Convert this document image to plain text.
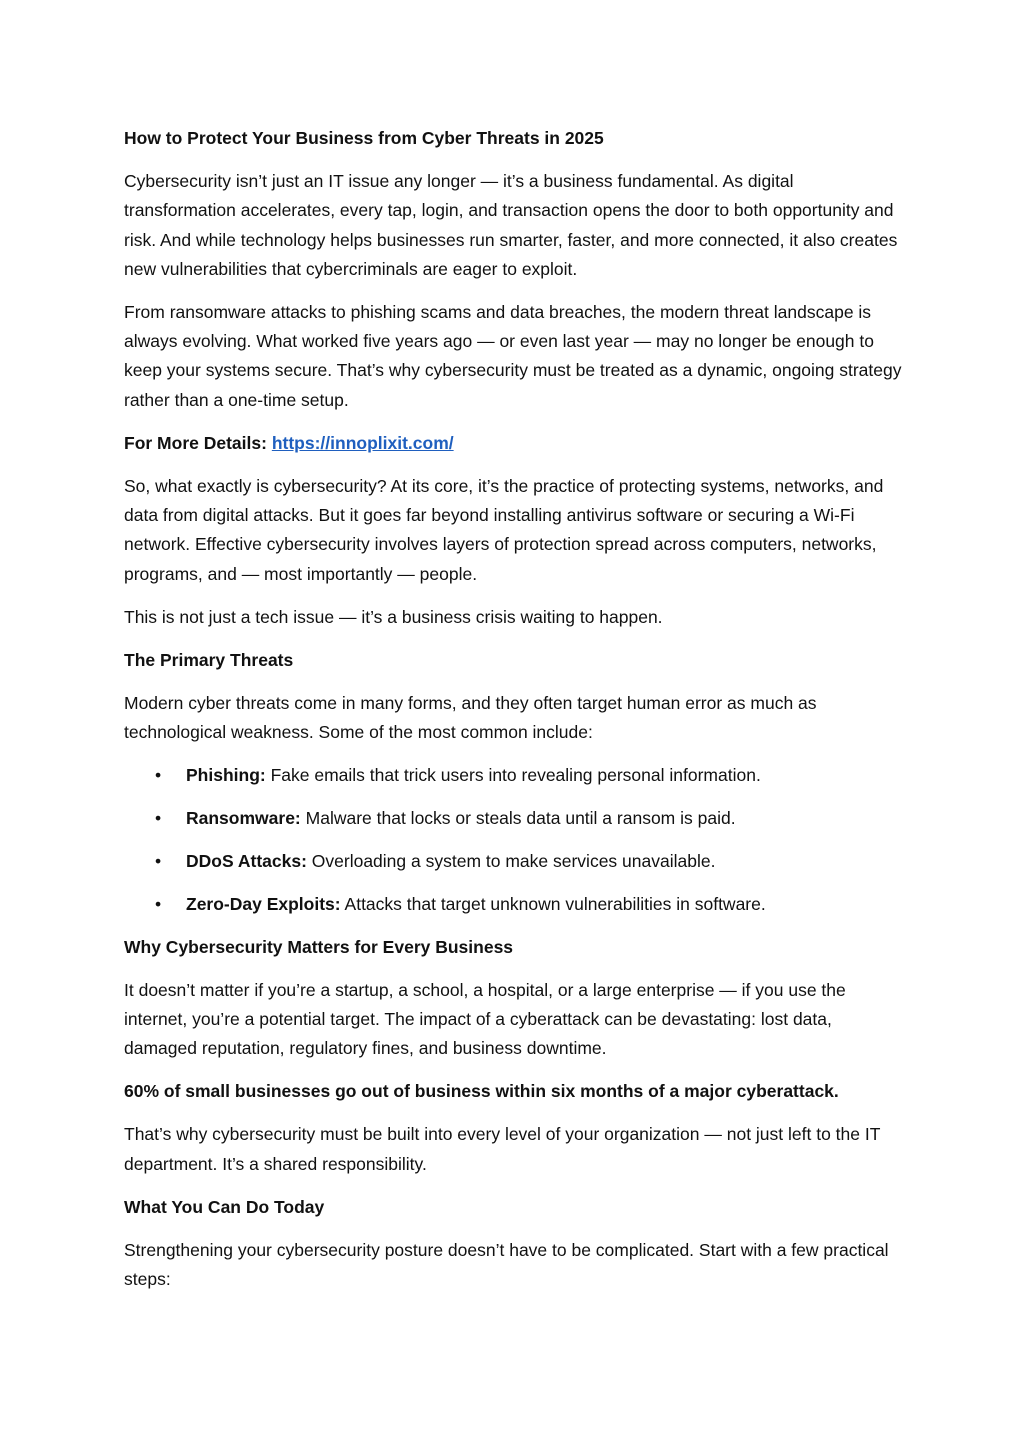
How to Protect Your Business from Cyber Threats in 2025

Cybersecurity isn’t just an IT issue any longer — it’s a business fundamental. As digital transformation accelerates, every tap, login, and transaction opens the door to both opportunity and risk. And while technology helps businesses run smarter, faster, and more connected, it also creates new vulnerabilities that cybercriminals are eager to exploit.

From ransomware attacks to phishing scams and data breaches, the modern threat landscape is always evolving. What worked five years ago — or even last year — may no longer be enough to keep your systems secure. That’s why cybersecurity must be treated as a dynamic, ongoing strategy rather than a one-time setup.

For More Details: https://innoplixit.com/

So, what exactly is cybersecurity? At its core, it’s the practice of protecting systems, networks, and data from digital attacks. But it goes far beyond installing antivirus software or securing a Wi-Fi network. Effective cybersecurity involves layers of protection spread across computers, networks, programs, and — most importantly — people.

This is not just a tech issue — it’s a business crisis waiting to happen.

The Primary Threats

Modern cyber threats come in many forms, and they often target human error as much as technological weakness. Some of the most common include:

• Phishing: Fake emails that trick users into revealing personal information.
• Ransomware: Malware that locks or steals data until a ransom is paid.
• DDoS Attacks: Overloading a system to make services unavailable.
• Zero-Day Exploits: Attacks that target unknown vulnerabilities in software.

Why Cybersecurity Matters for Every Business

It doesn’t matter if you’re a startup, a school, a hospital, or a large enterprise — if you use the internet, you’re a potential target. The impact of a cyberattack can be devastating: lost data, damaged reputation, regulatory fines, and business downtime.

60% of small businesses go out of business within six months of a major cyberattack.

That’s why cybersecurity must be built into every level of your organization — not just left to the IT department. It’s a shared responsibility.

What You Can Do Today

Strengthening your cybersecurity posture doesn’t have to be complicated. Start with a few practical steps:
